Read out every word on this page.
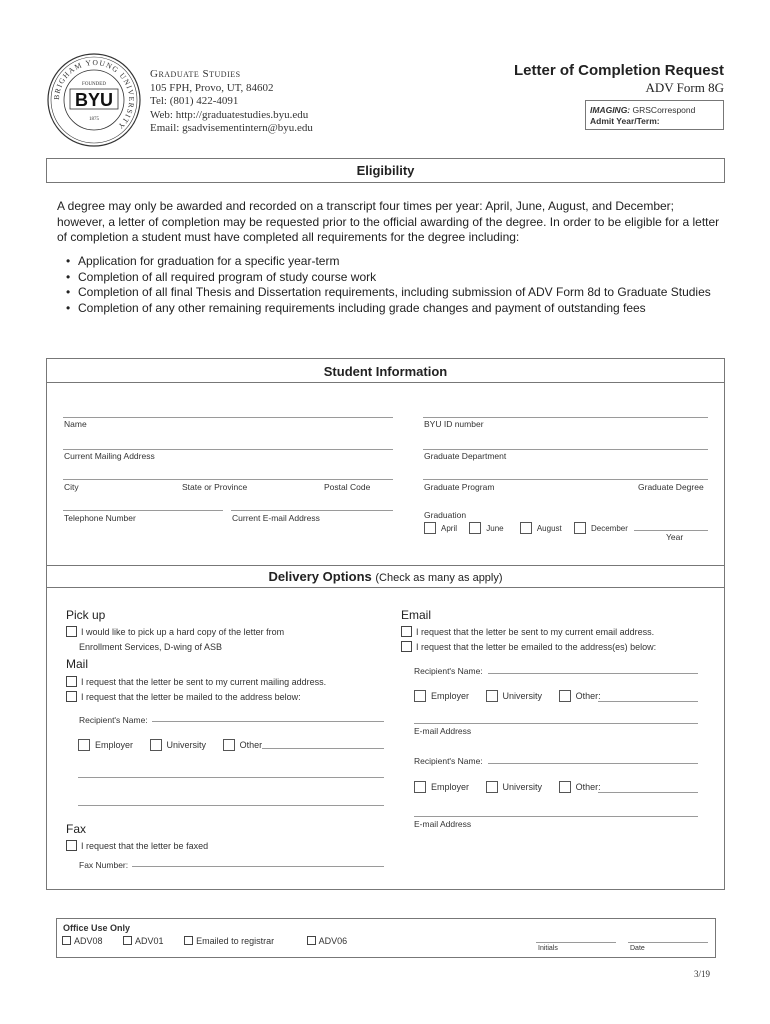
BRIGHAM YOUNG UNIVERSITY
FOUNDED
BYU
1875
Graduate Studies
105 FPH, Provo, UT, 84602
Tel: (801) 422-4091
Web: http://graduatestudies.byu.edu
Email: gsadvisementintern@byu.edu
Letter of Completion Request
ADV Form 8G
IMAGING: GRSCorrespond
Admit Year/Term:
Eligibility
A degree may only be awarded and recorded on a transcript four times per year: April, June, August, and December; however, a letter of completion may be requested prior to the official awarding of the degree. In order to be eligible for a letter of completion a student must have completed all requirements for the degree including:
• Application for graduation for a specific year-term
• Completion of all required program of study course work
• Completion of all final Thesis and Dissertation requirements, including submission of ADV Form 8d to Graduate Studies
• Completion of any other remaining requirements including grade changes and payment of outstanding fees
Student Information
Name	BYU ID number
Current Mailing Address	Graduate Department
City	State or Province	Postal Code	Graduate Program	Graduate Degree
Telephone Number	Current E-mail Address	Graduation
April	June	August	December
Year
Delivery Options (Check as many as apply)
Pick up
I would like to pick up a hard copy of the letter from
Enrollment Services, D-wing of ASB
Mail
I request that the letter be sent to my current mailing address.
I request that the letter be mailed to the address below:
Recipient's Name:
Employer	University	Other
Fax
I request that the letter be faxed
Fax Number:
Email
I request that the letter be sent to my current email address.
I request that the letter be emailed to the address(es) below:
Recipient's Name:
Employer	University	Other:
E-mail Address
Recipient's Name:
Employer	University	Other:
E-mail Address
Office Use Only
ADV08	ADV01	Emailed to registrar	ADV06
Initials	Date
3/19
